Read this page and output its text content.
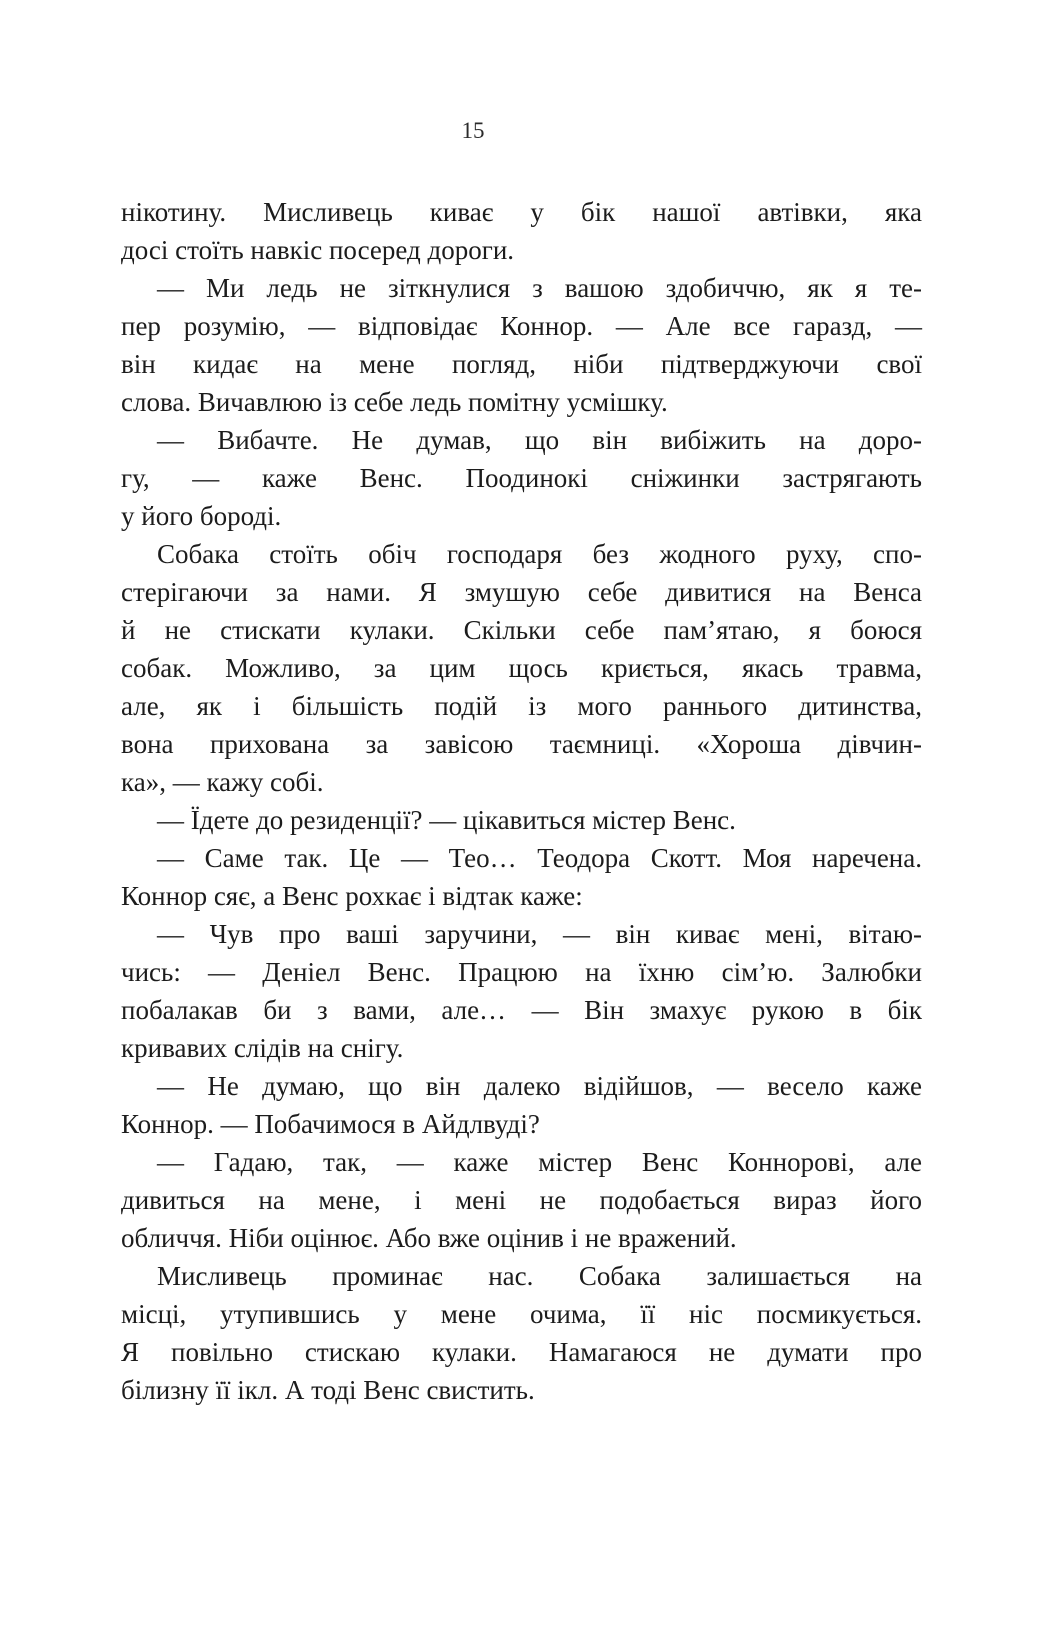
15
нікотину. Мисливець киває у бік нашої автівки, яка
досі стоїть навкіс посеред дороги.
— Ми ледь не зіткнулися з вашою здобиччю, як я те-
пер розумію, — відповідає Коннор. — Але все гаразд, —
він кидає на мене погляд, ніби підтверджуючи свої
слова. Вичавлюю із себе ледь помітну усмішку.
— Вибачте. Не думав, що він вибіжить на доро-
гу, — каже Венс. Поодинокі сніжинки застрягають
у його бороді.
Собака стоїть обіч господаря без жодного руху, спо-
стерігаючи за нами. Я змушую себе дивитися на Венса
й не стискати кулаки. Скільки себе пам’ятаю, я боюся
собак. Можливо, за цим щось криється, якась травма,
але, як і більшість подій із мого раннього дитинства,
вона прихована за завісою таємниці. «Хороша дівчин-
ка», — кажу собі.
— Їдете до резиденції? — цікавиться містер Венс.
— Саме так. Це — Тео… Теодора Скотт. Моя наречена.
Коннор сяє, а Венс рохкає і відтак каже:
— Чув про ваші заручини, — він киває мені, вітаю-
чись: — Деніел Венс. Працюю на їхню сім’ю. Залюбки
побалакав би з вами, але… — Він змахує рукою в бік
кривавих слідів на снігу.
— Не думаю, що він далеко відійшов, — весело каже
Коннор. — Побачимося в Айдлвуді?
— Гадаю, так, — каже містер Венс Коннорові, але
дивиться на мене, і мені не подобається вираз його
обличчя. Ніби оцінює. Або вже оцінив і не вражений.
Мисливець проминає нас. Собака залишається на
місці, утупившись у мене очима, її ніс посмикується.
Я повільно стискаю кулаки. Намагаюся не думати про
білизну її ікл. А тоді Венс свистить.
